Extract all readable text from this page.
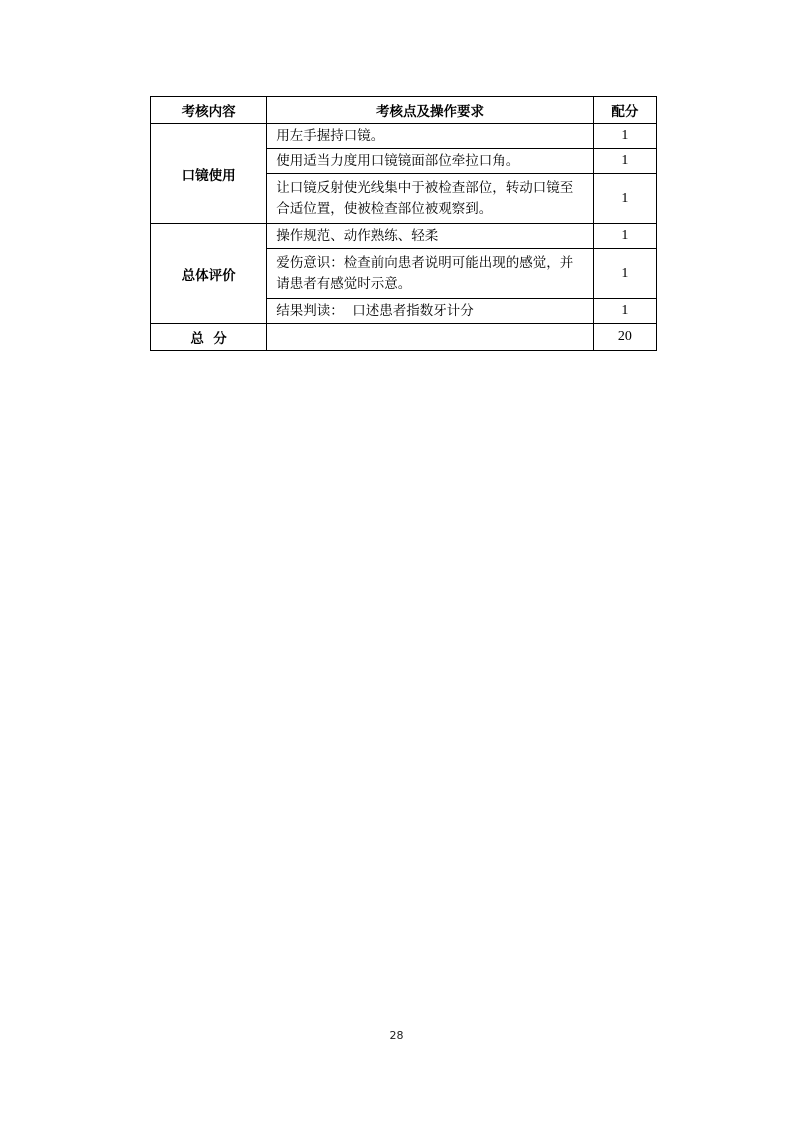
考核内容	考核点及操作要求	配分
口镜使用	用左手握持口镜。	1
	使用适当力度用口镜镜面部位牵拉口角。	1
	让口镜反射使光线集中于被检查部位，转动口镜至合适位置，使被检查部位被观察到。	1
总体评价	操作规范、动作熟练、轻柔	1
	爱伤意识：检查前向患者说明可能出现的感觉，并请患者有感觉时示意。	1
	结果判读：  口述患者指数牙计分	1
总  分		20
28
